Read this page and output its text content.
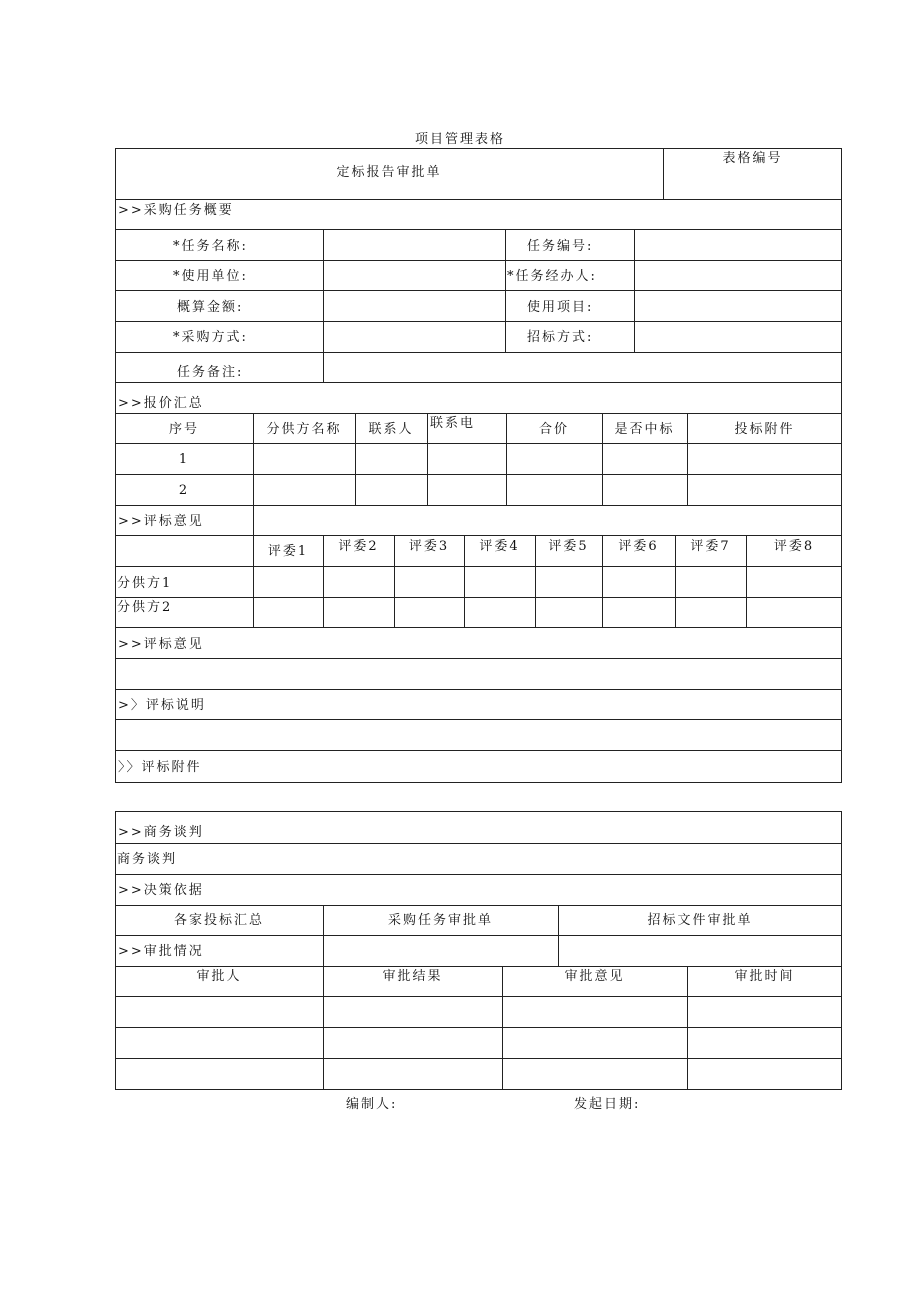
项目管理表格
定标报告审批单
表格编号
>>采购任务概要
*任务名称:	任务编号:
*使用单位:	*任务经办人:
概算金额:	使用项目:
*采购方式:	招标方式:
任务备注:
>>报价汇总
序号	分供方名称	联系人	联系电	合价	是否中标	投标附件
1
2
>>评标意见
评委1	评委2	评委3	评委4	评委5	评委6	评委7	评委8
分供方1
分供方2
>>评标意见
>〉评标说明
〉〉评标附件
>>商务谈判
商务谈判
>>决策依据
各家投标汇总	采购任务审批单	招标文件审批单
>>审批情况
审批人	审批结果	审批意见	审批时间
编制人:	发起日期:
